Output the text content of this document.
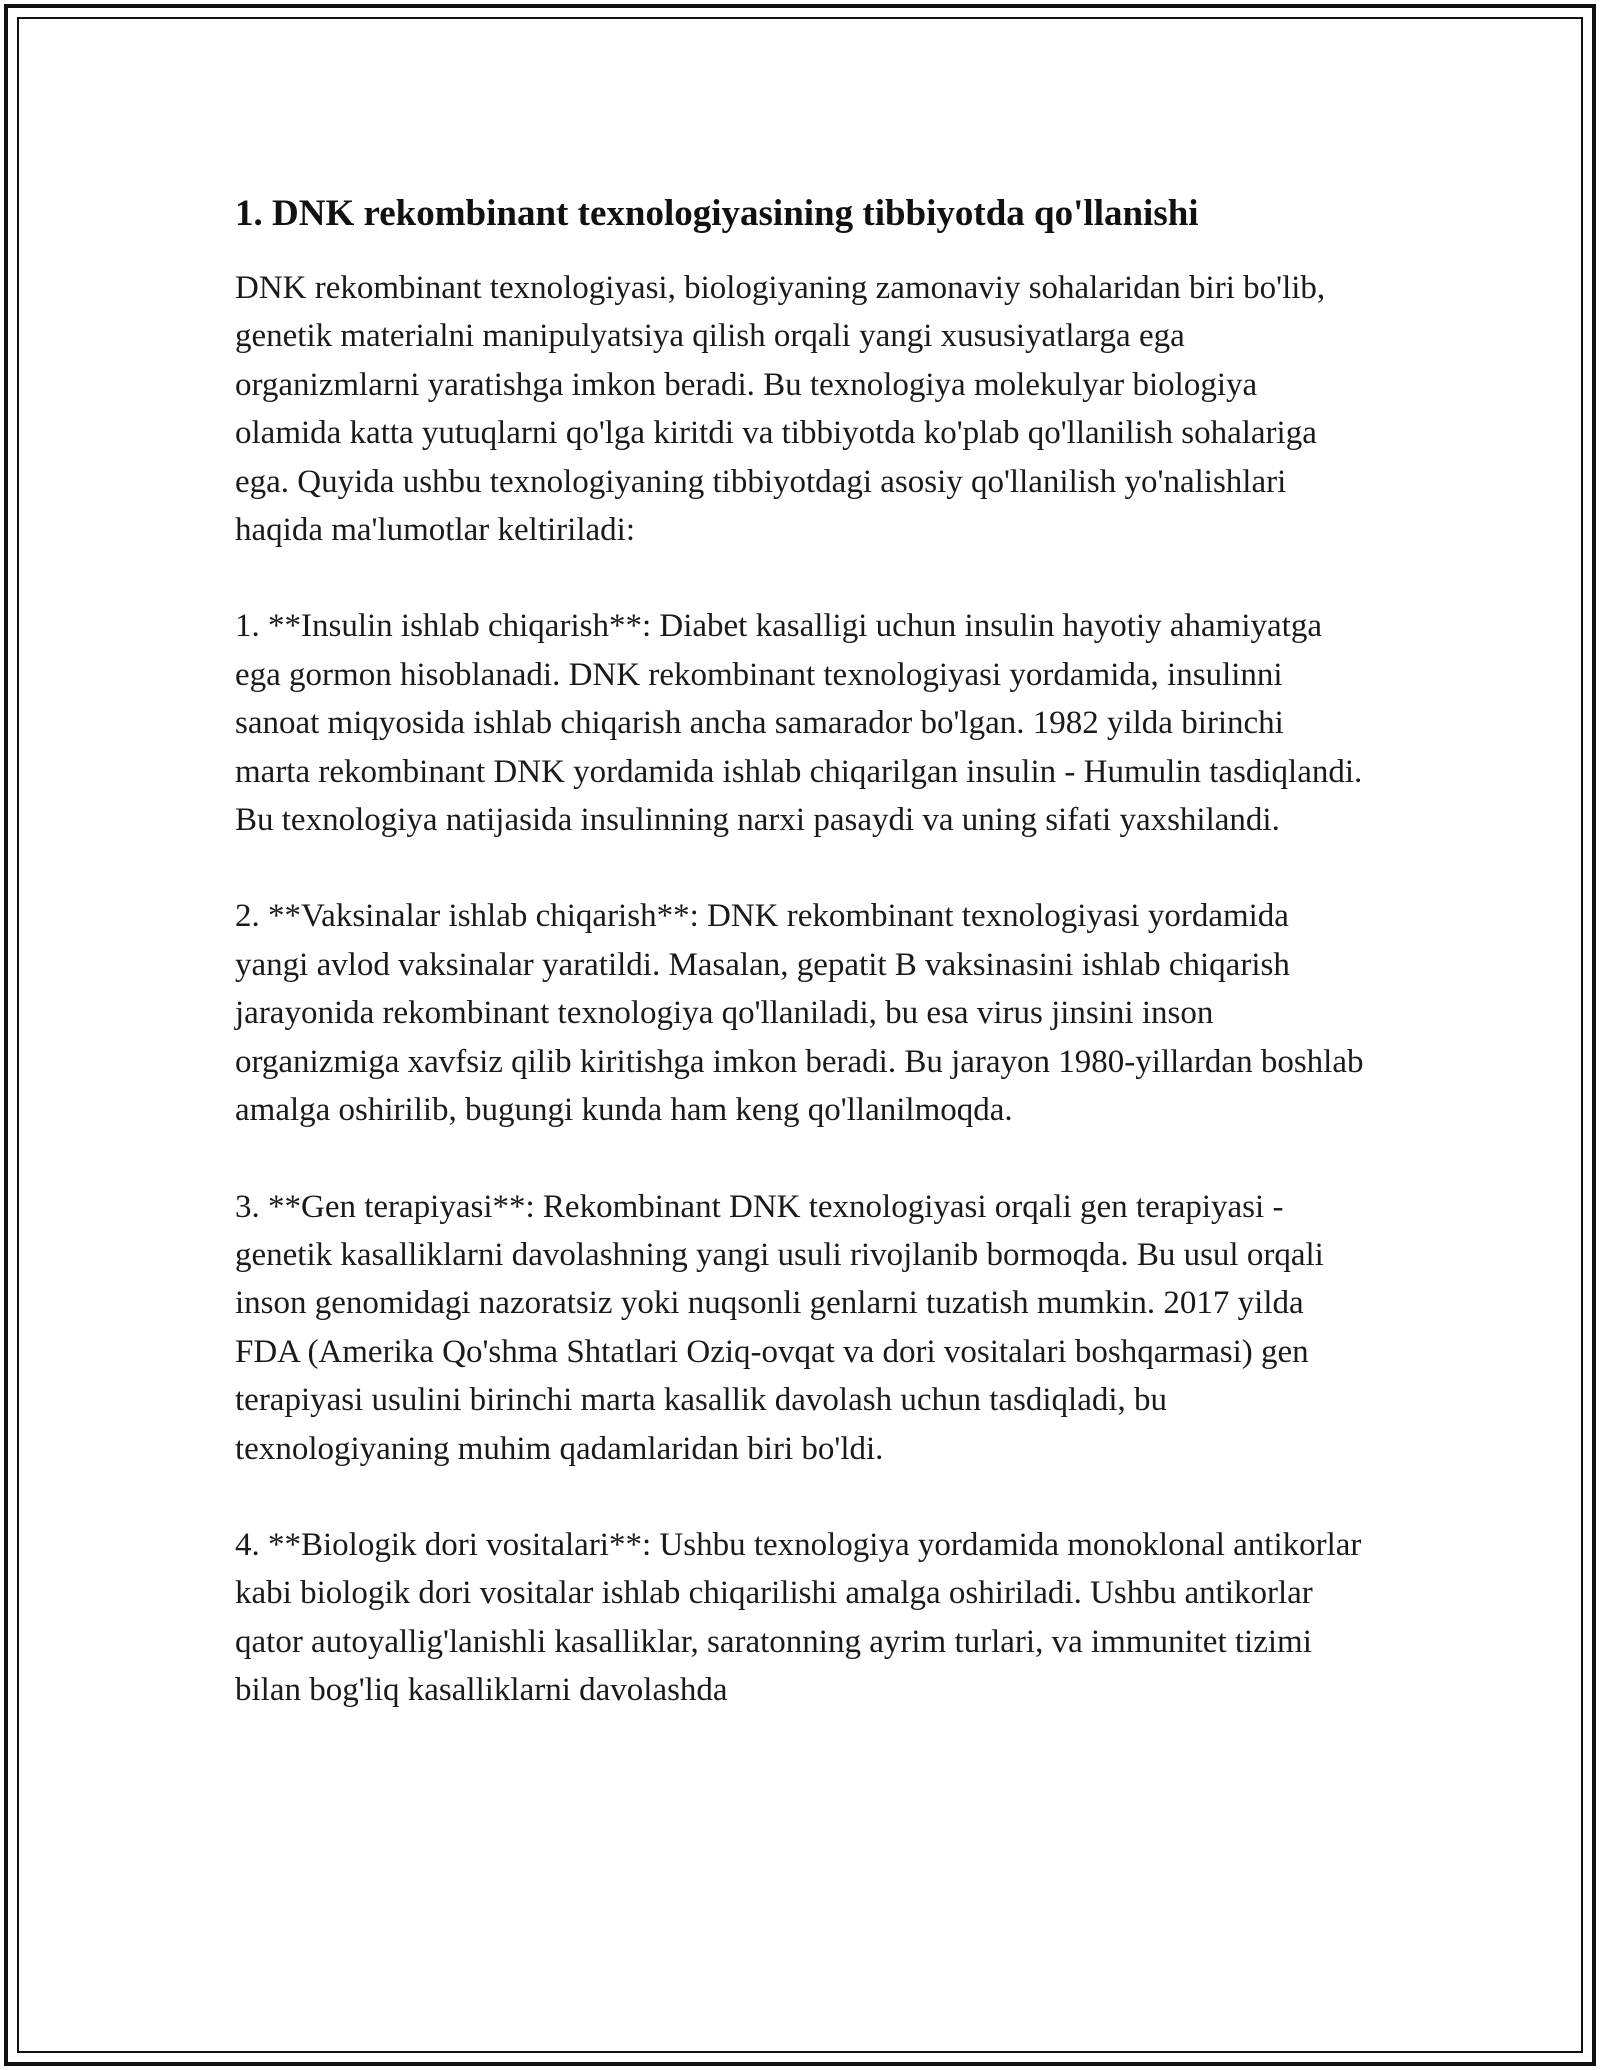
1. DNK rekombinant texnologiyasining tibbiyotda qo'llanishi

DNK rekombinant texnologiyasi, biologiyaning zamonaviy sohalaridan biri bo'lib, genetik materialni manipulyatsiya qilish orqali yangi xususiyatlarga ega organizmlarni yaratishga imkon beradi. Bu texnologiya molekulyar biologiya olamida katta yutuqlarni qo'lga kiritdi va tibbiyotda ko'plab qo'llanilish sohalariga ega. Quyida ushbu texnologiyaning tibbiyotdagi asosiy qo'llanilish yo'nalishlari haqida ma'lumotlar keltiriladi:

1. **Insulin ishlab chiqarish**: Diabet kasalligi uchun insulin hayotiy ahamiyatga ega gormon hisoblanadi. DNK rekombinant texnologiyasi yordamida, insulinni sanoat miqyosida ishlab chiqarish ancha samarador bo'lgan. 1982 yilda birinchi marta rekombinant DNK yordamida ishlab chiqarilgan insulin - Humulin tasdiqlandi. Bu texnologiya natijasida insulinning narxi pasaydi va uning sifati yaxshilandi.

2. **Vaksinalar ishlab chiqarish**: DNK rekombinant texnologiyasi yordamida yangi avlod vaksinalar yaratildi. Masalan, gepatit B vaksinasini ishlab chiqarish jarayonida rekombinant texnologiya qo'llaniladi, bu esa virus jinsini inson organizmiga xavfsiz qilib kiritishga imkon beradi. Bu jarayon 1980-yillardan boshlab amalga oshirilib, bugungi kunda ham keng qo'llanilmoqda.

3. **Gen terapiyasi**: Rekombinant DNK texnologiyasi orqali gen terapiyasi - genetik kasalliklarni davolashning yangi usuli rivojlanib bormoqda. Bu usul orqali inson genomidagi nazoratsiz yoki nuqsonli genlarni tuzatish mumkin. 2017 yilda FDA (Amerika Qo'shma Shtatlari Oziq-ovqat va dori vositalari boshqarmasi) gen terapiyasi usulini birinchi marta kasallik davolash uchun tasdiqladi, bu texnologiyaning muhim qadamlaridan biri bo'ldi.

4. **Biologik dori vositalari**: Ushbu texnologiya yordamida monoklonal antikorlar kabi biologik dori vositalar ishlab chiqarilishi amalga oshiriladi. Ushbu antikorlar qator autoyallig'lanishli kasalliklar, saratonning ayrim turlari, va immunitet tizimi bilan bog'liq kasalliklarni davolashda
